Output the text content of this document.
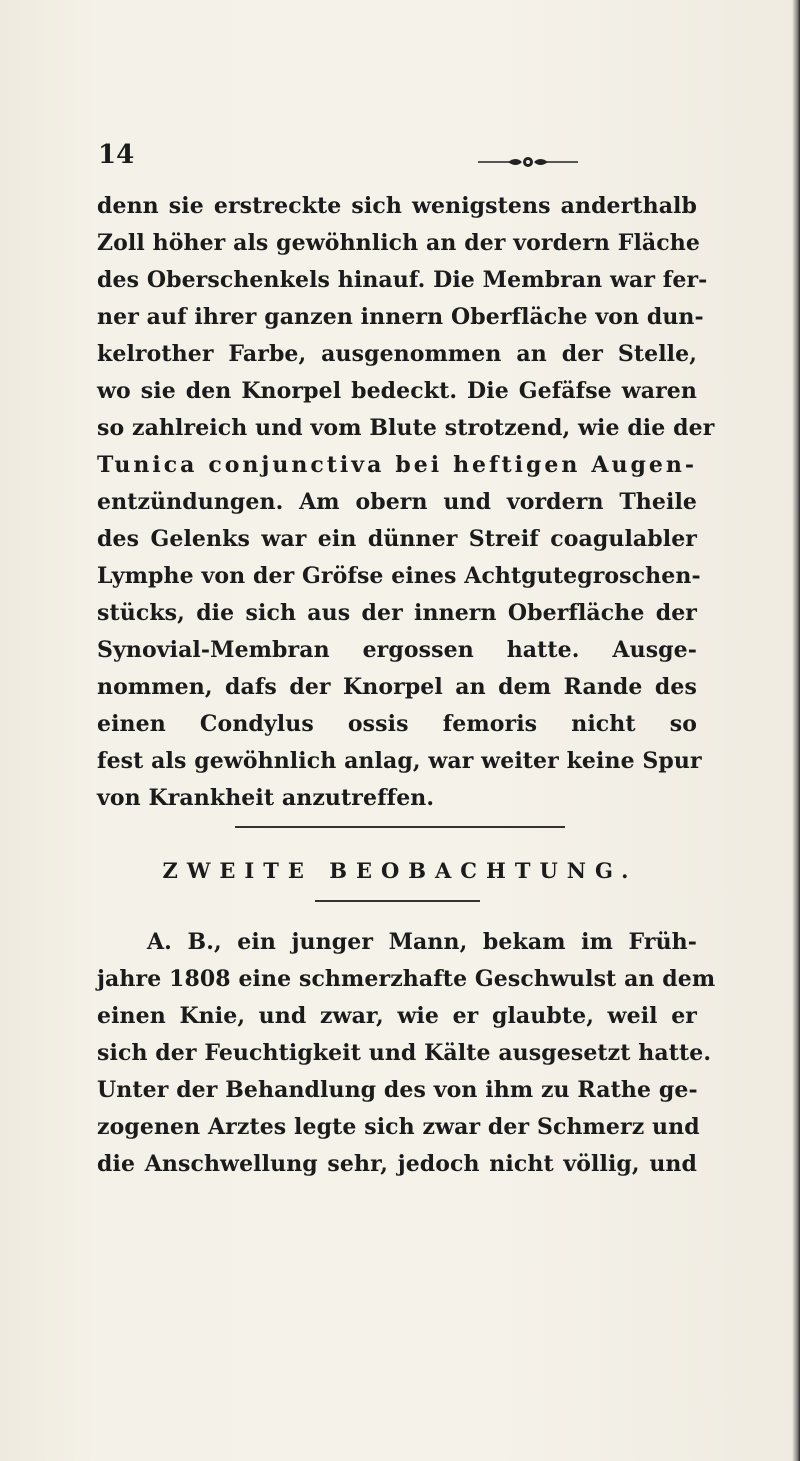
14
denn sie erstreckte sich wenigstens anderthalb
Zoll höher als gewöhnlich an der vordern Fläche
des Oberschenkels hinauf. Die Membran war fer-
ner auf ihrer ganzen innern Oberfläche von dun-
kelrother Farbe, ausgenommen an der Stelle,
wo sie den Knorpel bedeckt. Die Gefäfse waren
so zahlreich und vom Blute strotzend, wie die der
Tunica conjunctiva bei heftigen Augen-
entzündungen. Am obern und vordern Theile
des Gelenks war ein dünner Streif coagulabler
Lymphe von der Gröfse eines Achtgutegroschen-
stücks, die sich aus der innern Oberfläche der
Synovial-Membran ergossen hatte. Ausge-
nommen, dafs der Knorpel an dem Rande des
einen Condylus ossis femoris nicht so
fest als gewöhnlich anlag, war weiter keine Spur
von Krankheit anzutreffen.
ZWEITE BEOBACHTUNG.
A. B., ein junger Mann, bekam im Früh-
jahre 1808 eine schmerzhafte Geschwulst an dem
einen Knie, und zwar, wie er glaubte, weil er
sich der Feuchtigkeit und Kälte ausgesetzt hatte.
Unter der Behandlung des von ihm zu Rathe ge-
zogenen Arztes legte sich zwar der Schmerz und
die Anschwellung sehr, jedoch nicht völlig, und
